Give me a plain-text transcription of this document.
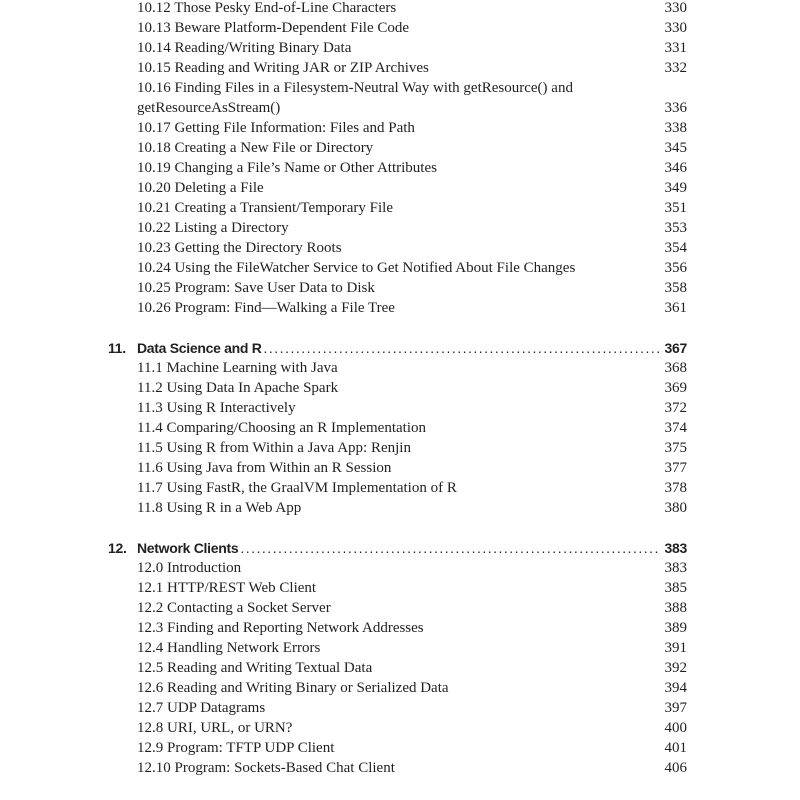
10.12 Those Pesky End-of-Line Characters	330
10.13 Beware Platform-Dependent File Code	330
10.14 Reading/Writing Binary Data	331
10.15 Reading and Writing JAR or ZIP Archives	332
10.16 Finding Files in a Filesystem-Neutral Way with getResource() and getResourceAsStream()	336
10.17 Getting File Information: Files and Path	338
10.18 Creating a New File or Directory	345
10.19 Changing a File’s Name or Other Attributes	346
10.20 Deleting a File	349
10.21 Creating a Transient/Temporary File	351
10.22 Listing a Directory	353
10.23 Getting the Directory Roots	354
10.24 Using the FileWatcher Service to Get Notified About File Changes	356
10.25 Program: Save User Data to Disk	358
10.26 Program: Find—Walking a File Tree	361
11. Data Science and R . . .	367
11.1 Machine Learning with Java	368
11.2 Using Data In Apache Spark	369
11.3 Using R Interactively	372
11.4 Comparing/Choosing an R Implementation	374
11.5 Using R from Within a Java App: Renjin	375
11.6 Using Java from Within an R Session	377
11.7 Using FastR, the GraalVM Implementation of R	378
11.8 Using R in a Web App	380
12. Network Clients . . .	383
12.0 Introduction	383
12.1 HTTP/REST Web Client	385
12.2 Contacting a Socket Server	388
12.3 Finding and Reporting Network Addresses	389
12.4 Handling Network Errors	391
12.5 Reading and Writing Textual Data	392
12.6 Reading and Writing Binary or Serialized Data	394
12.7 UDP Datagrams	397
12.8 URI, URL, or URN?	400
12.9 Program: TFTP UDP Client	401
12.10 Program: Sockets-Based Chat Client	406
